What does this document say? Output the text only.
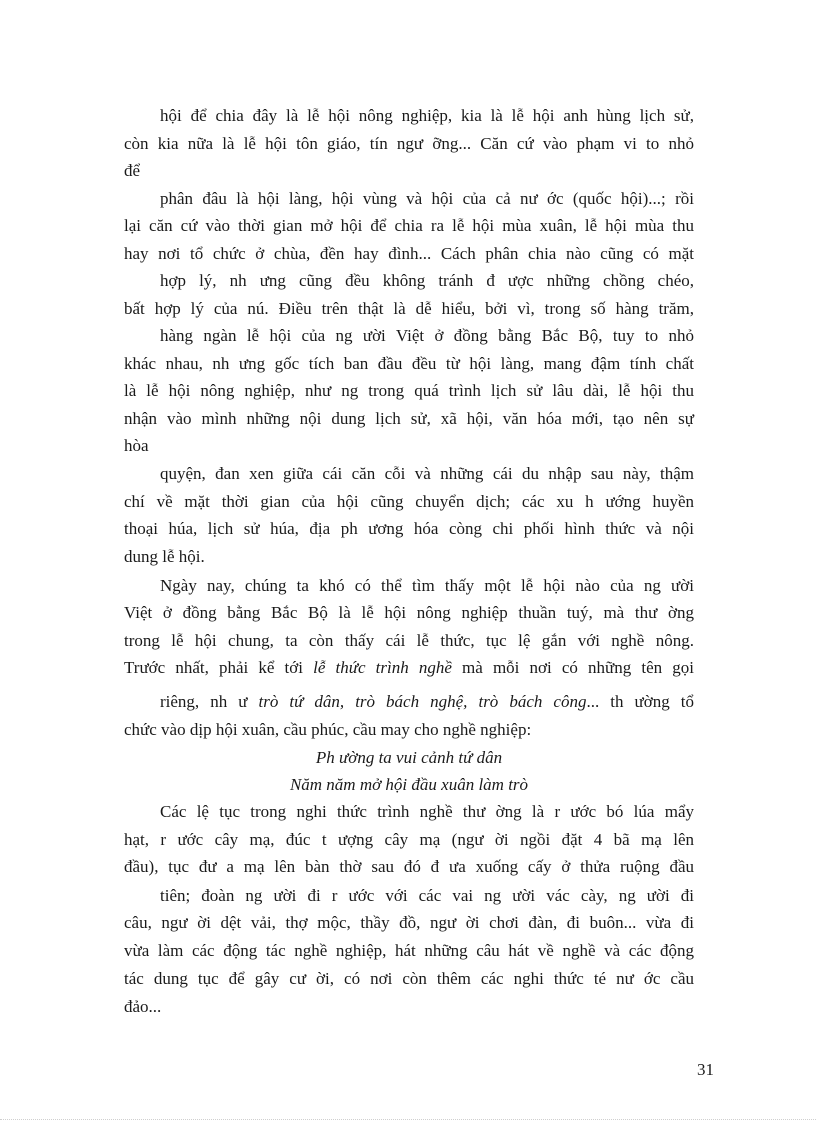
hội để chia đây là lễ hội nông nghiệp, kia là lễ hội anh hùng lịch sử,
còn kia nữa là lễ hội tôn giáo, tín ngư ỡng... Căn cứ vào phạm vi to nhỏ
để
phân đâu là hội làng, hội vùng và hội của cả nư ớc (quốc hội)...; rồi
lại căn cứ vào thời gian mở hội để chia ra lễ hội mùa xuân, lễ hội mùa thu
hay nơi tổ chức ở chùa, đền hay đình... Cách phân chia nào cũng có mặt
hợp lý, nh ưng cũng đều không tránh đ ược những chồng chéo,
bất hợp lý của nú. Điều trên thật là dễ hiểu, bởi vì, trong số hàng trăm,
hàng ngàn lễ hội của ng ười Việt ở đồng bằng Bắc Bộ, tuy to nhỏ
khác nhau, nh ưng gốc tích ban đầu đều từ hội làng, mang đậm tính chất
là lễ hội nông nghiệp, như ng trong quá trình lịch sử lâu dài, lễ hội thu
nhận vào mình những nội dung lịch sử, xã hội, văn hóa mới, tạo nên sự
hòa
quyện, đan xen giữa cái căn cỗi và những cái du nhập sau này, thậm
chí về mặt thời gian của hội cũng chuyển dịch; các xu h ướng huyền
thoại húa, lịch sử húa, địa ph ương hóa còng chi phối hình thức và nội
dung lễ hội.
Ngày nay, chúng ta khó có thể tìm thấy một lễ hội nào của ng ười
Việt ở đồng bằng Bắc Bộ là lễ hội nông nghiệp thuần tuý, mà thư ờng
trong lễ hội chung, ta còn thấy cái lễ thức, tục lệ gắn với nghề nông.
Trước nhất, phải kể tới lễ thức trình nghề mà mỗi nơi có những tên gọi
riêng, nh ư trò tứ dân, trò bách nghệ, trò bách công... th ường tổ
chức vào dịp hội xuân, cầu phúc, cầu may cho nghề nghiệp:
Ph ường ta vui cảnh tứ dân
Năm năm mở hội đầu xuân làm trò
Các lệ tục trong nghi thức trình nghề thư ờng là r ước bó lúa mẩy
hạt, r ước cây mạ, đúc t ượng cây mạ (ngư ời ngồi đặt 4 bã mạ lên
đầu), tục đư a mạ lên bàn thờ sau đó đ ưa xuống cấy ở thửa ruộng đầu
tiên; đoàn ng ười đi r ước với các vai ng ười vác cày, ng ười đi
câu, ngư ời dệt vải, thợ mộc, thầy đồ, ngư ời chơi đàn, đi buôn... vừa đi
vừa làm các động tác nghề nghiệp, hát những câu hát về nghề và các động
tác dung tục để gây cư ời, có nơi còn thêm các nghi thức té nư ớc cầu
đảo...
31
